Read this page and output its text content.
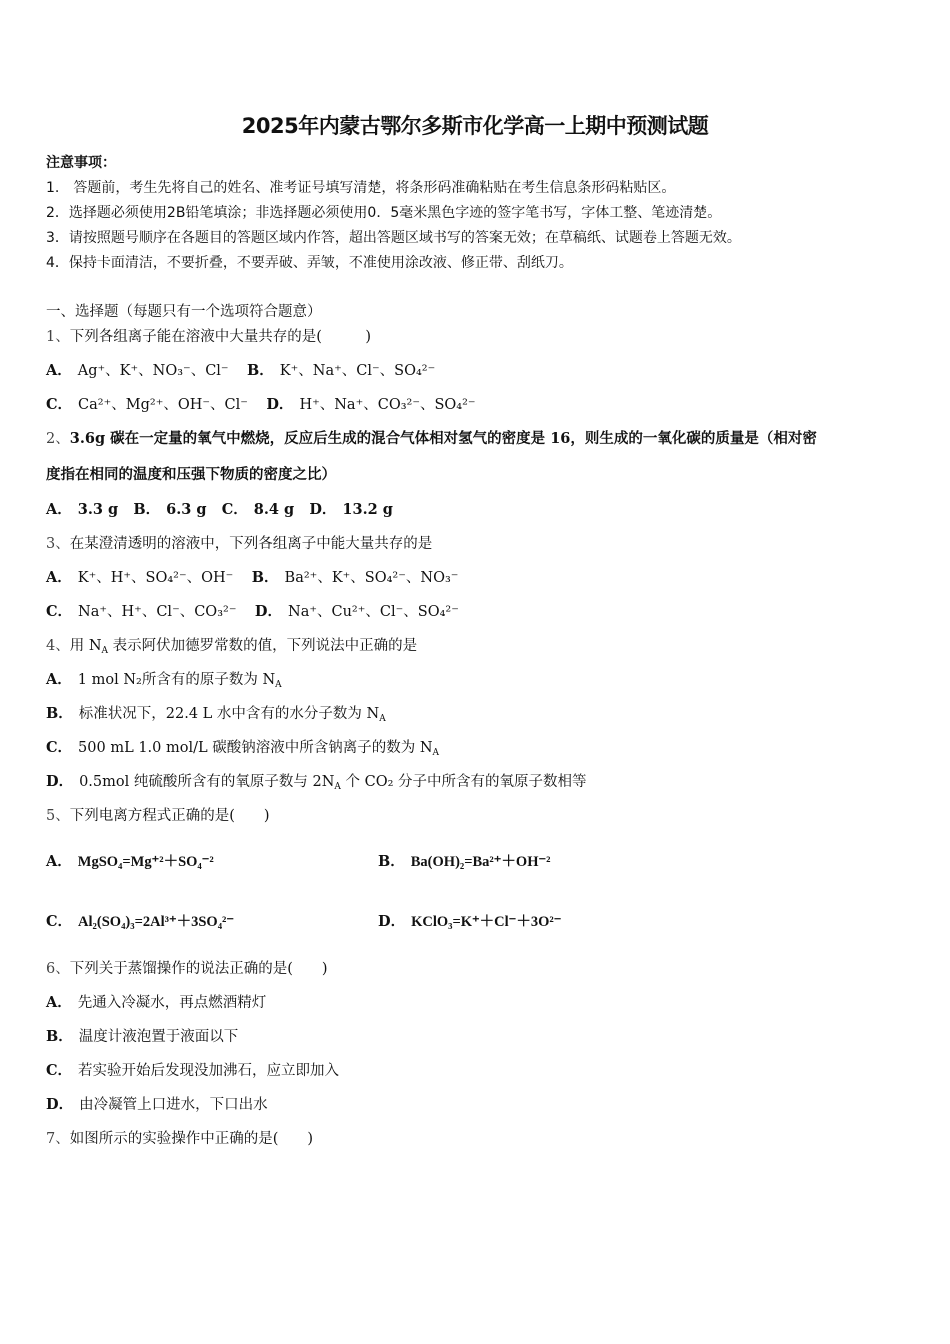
2025年内蒙古鄂尔多斯市化学高一上期中预测试题
注意事项：
1.　答题前，考生先将自己的姓名、准考证号填写清楚，将条形码准确粘贴在考生信息条形码粘贴区。
2．选择题必须使用2B铅笔填涂；非选择题必须使用0．5毫米黑色字迹的签字笔书写，字体工整、笔迹清楚。
3．请按照题号顺序在各题目的答题区域内作答，超出答题区域书写的答案无效；在草稿纸、试题卷上答题无效。
4．保持卡面清洁，不要折叠，不要弄破、弄皱，不准使用涂改液、修正带、刮纸刀。
一、选择题（每题只有一个选项符合题意）
1、下列各组离子能在溶液中大量共存的是(　　　)
A． Ag⁺、K⁺、NO₃⁻、Cl⁻ B． K⁺、Na⁺、Cl⁻、SO₄²⁻
C． Ca²⁺、Mg²⁺、OH⁻、Cl⁻ D． H⁺、Na⁺、CO₃²⁻、SO₄²⁻
2、3.6g 碳在一定量的氧气中燃烧，反应后生成的混合气体相对氢气的密度是 16，则生成的一氧化碳的质量是（相对密
度指在相同的温度和压强下物质的密度之比）
A． 3.3 g B． 6.3 g C． 8.4 g D． 13.2 g
3、在某澄清透明的溶液中，下列各组离子中能大量共存的是
A． K⁺、H⁺、SO₄²⁻、OH⁻ B． Ba²⁺、K⁺、SO₄²⁻、NO₃⁻
C． Na⁺、H⁺、Cl⁻、CO₃²⁻ D． Na⁺、Cu²⁺、Cl⁻、SO₄²⁻
4、用 $N_A$ 表示阿伏加德罗常数的值，下列说法中正确的是
A． 1 mol N₂所含有的原子数为 $N_A$
B． 标准状况下，22.4 L 水中含有的水分子数为 $N_A$
C． 500 mL 1.0 mol/L 碳酸钠溶液中所含钠离子的数为 $N_A$
D． 0.5mol 纯硫酸所含有的氧原子数与 $2N_A$ 个 CO₂ 分子中所含有的氧原子数相等
5、下列电离方程式正确的是(　　)
A． MgSO₄=Mg⁺²＋SO₄⁻²	B． Ba(OH)₂=Ba²⁺＋OH⁻²
C． Al₂(SO₄)₃=2Al³⁺＋3SO₄²⁻	D． KClO₃=K⁺＋Cl⁻＋3O²⁻
6、下列关于蒸馏操作的说法正确的是(　　)
A． 先通入冷凝水，再点燃酒精灯
B． 温度计液泡置于液面以下
C． 若实验开始后发现没加沸石，应立即加入
D． 由冷凝管上口进水，下口出水
7、如图所示的实验操作中正确的是(　　)
